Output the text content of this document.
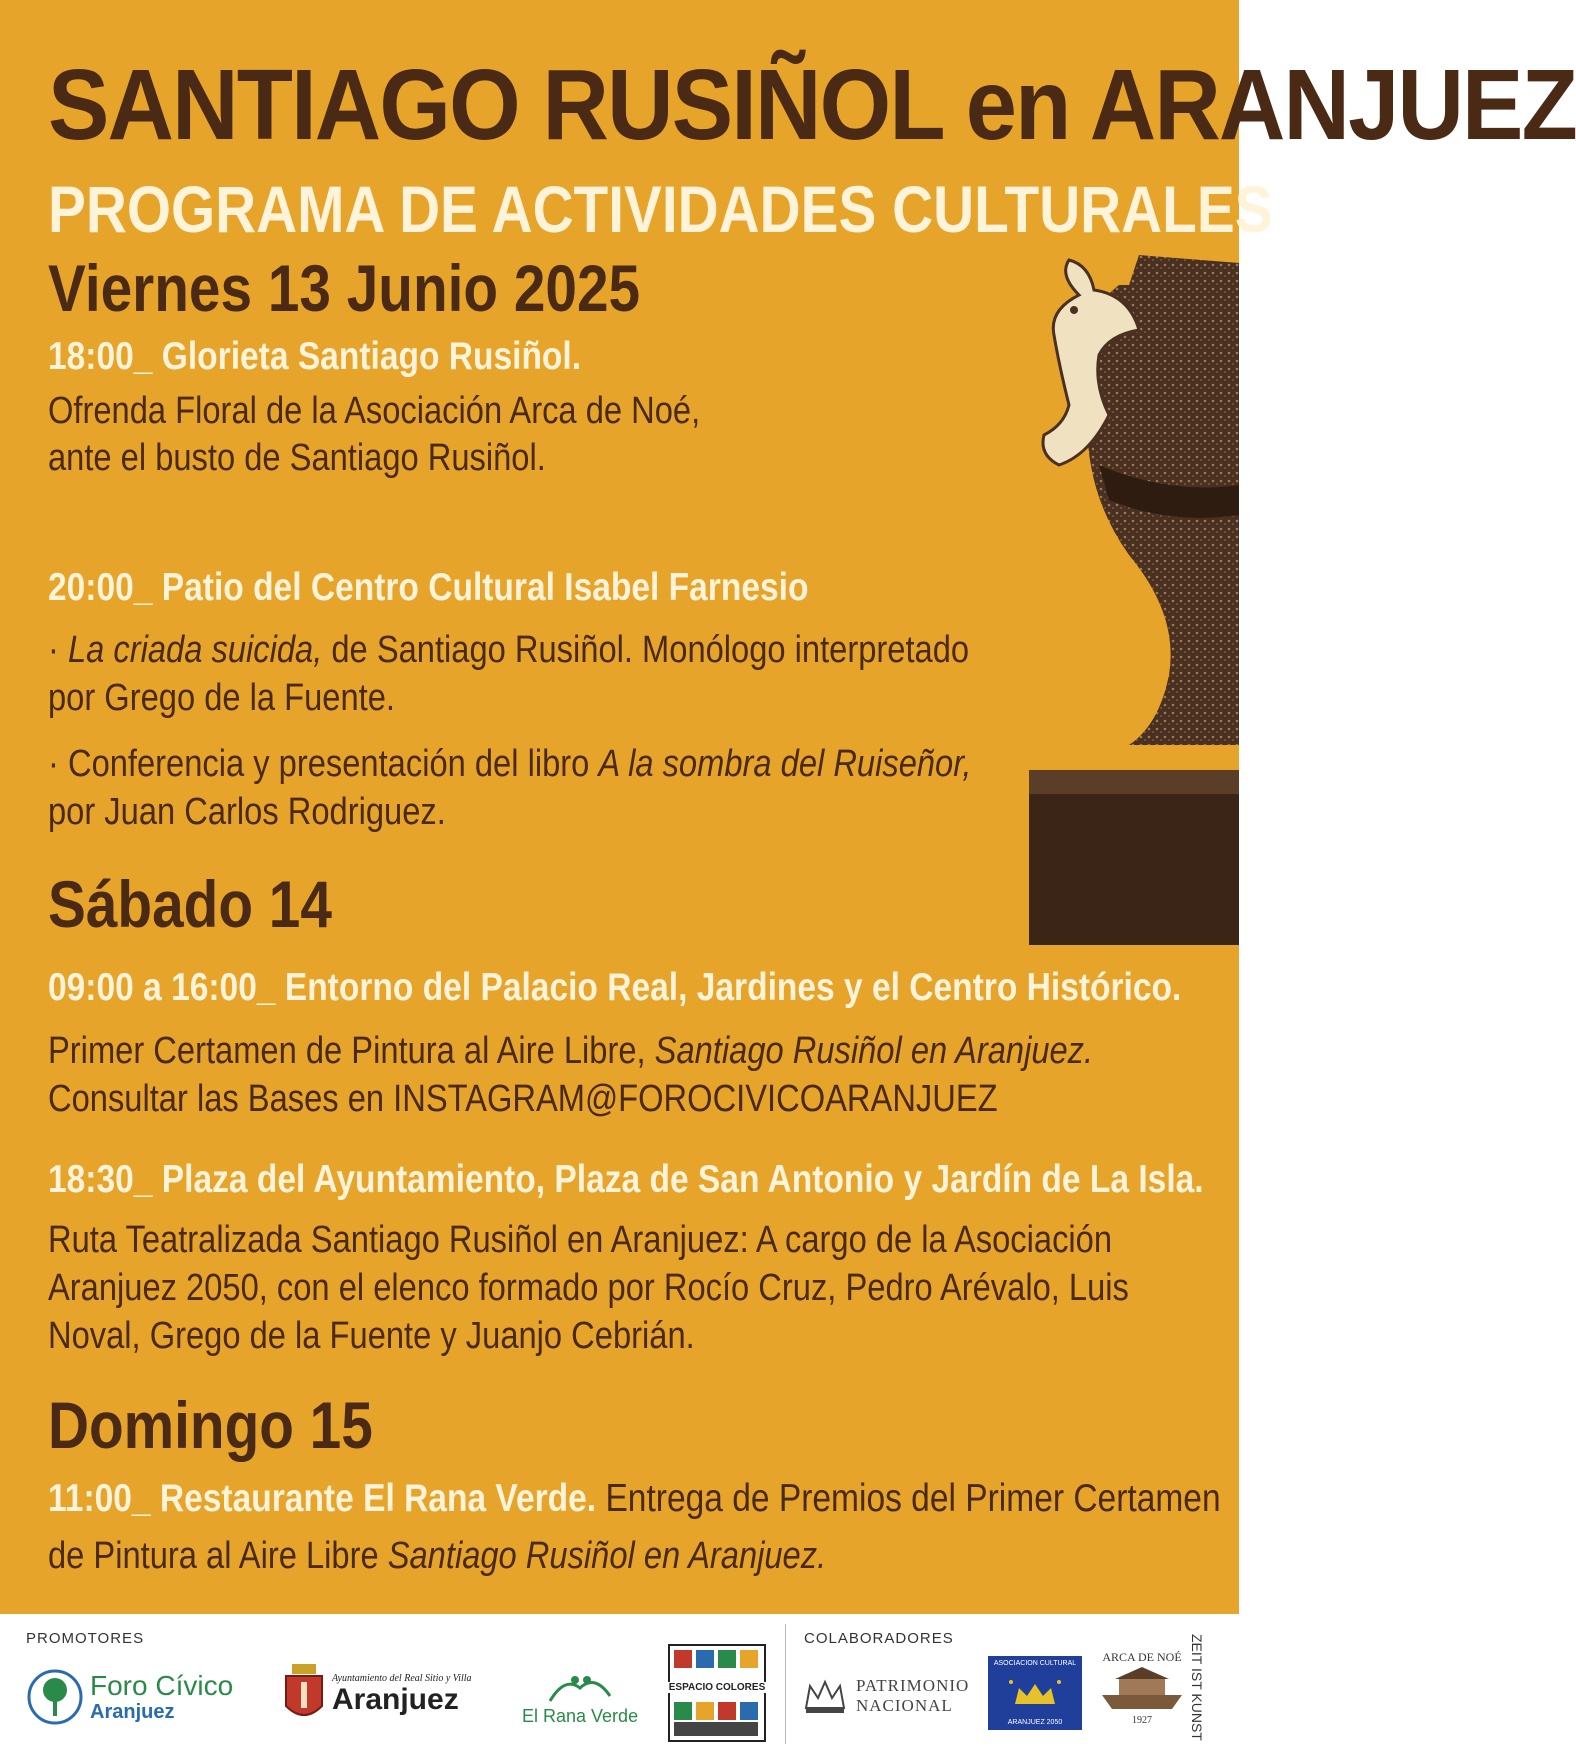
SANTIAGO RUSIÑOL en ARANJUEZ
PROGRAMA DE ACTIVIDADES CULTURALES
Viernes 13 Junio 2025
18:00_ Glorieta Santiago Rusiñol.
Ofrenda Floral de la Asociación Arca de Noé,
ante el busto de Santiago Rusiñol.
20:00_ Patio del Centro Cultural Isabel Farnesio
· La criada suicida, de Santiago Rusiñol. Monólogo interpretado
por Grego de la Fuente.
· Conferencia y presentación del libro A la sombra del Ruiseñor,
por Juan Carlos Rodriguez.
Sábado 14
09:00 a 16:00_ Entorno del Palacio Real, Jardines y el Centro Histórico.
Primer Certamen de Pintura al Aire Libre, Santiago Rusiñol en Aranjuez.
Consultar las Bases en INSTAGRAM@FOROCIVICOARANJUEZ
18:30_ Plaza del Ayuntamiento, Plaza de San Antonio y Jardín de La Isla.
Ruta Teatralizada Santiago Rusiñol en Aranjuez: A cargo de la Asociación
Aranjuez 2050, con el elenco formado por Rocío Cruz, Pedro Arévalo, Luis
Noval, Grego de la Fuente y Juanjo Cebrián.
Domingo 15
11:00_ Restaurante El Rana Verde. Entrega de Premios del Primer Certamen
de Pintura al Aire Libre Santiago Rusiñol en Aranjuez.
PROMOTORES	COLABORADORES
Foro Cívico
Aranjuez
Ayuntamiento del Real Sitio y Villa
Aranjuez
El Rana Verde
ESPACIO COLORES	PATRIMONIO
NACIONAL
ASOCIACION CULTURAL
ARANJUEZ 2050
ARCA DE NOÉ
1927	ZEIT IST KUNST
